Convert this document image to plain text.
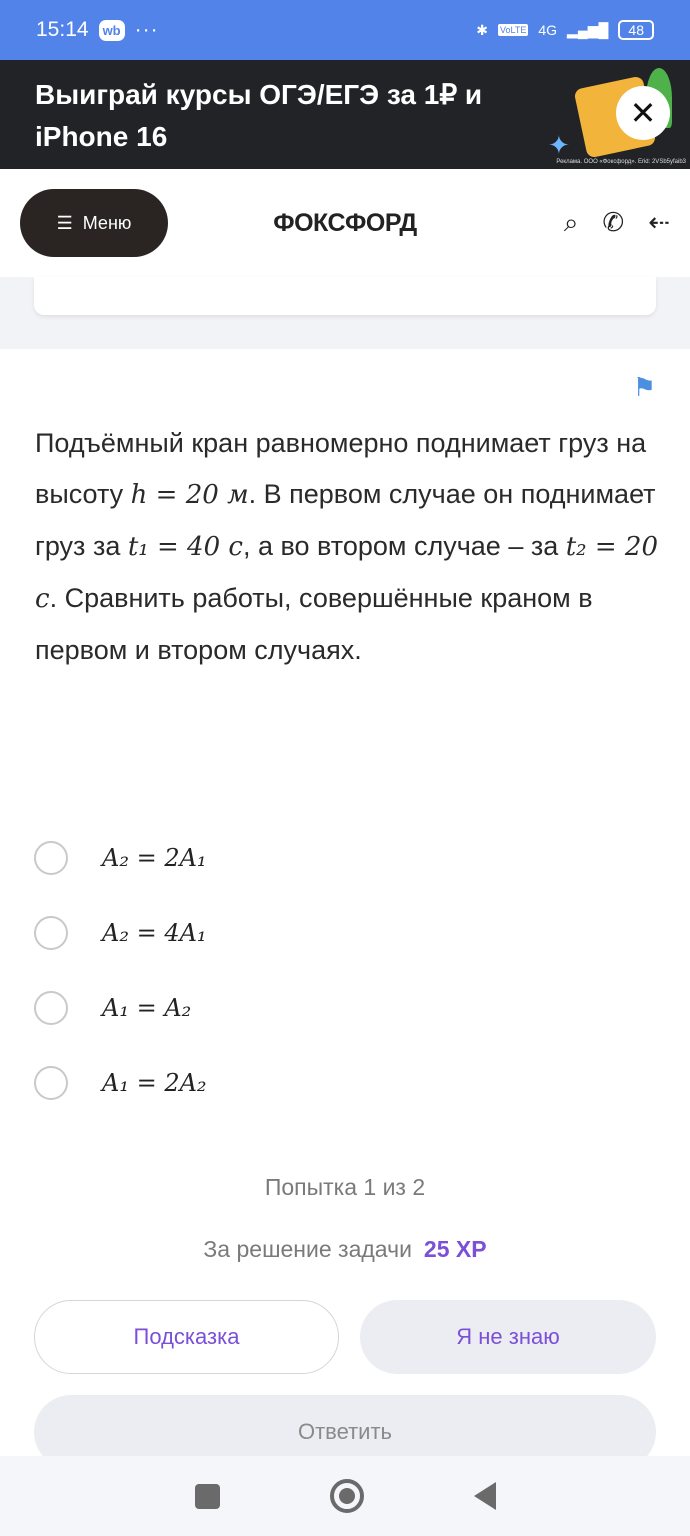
15:14	wb ···	✱ VoLTE 4G ▂▄▆█	48
Выиграй курсы ОГЭ/ЕГЭ за 1₽ и iPhone 16	✦
Реклама. ООО «Фоксфорд». Erid: 2VSb5yfaib3
✕
ФОКСФОРД
☰ Меню	⌕ ✆ ⇠
⚑
Подъёмный кран равномерно поднимает груз на высоту h = 20 м. В первом случае он поднимает груз за t₁ = 40 с, а во втором случае – за t₂ = 20 с. Сравнить работы, совершённые краном в первом и втором случаях.
A₂ = 2A₁
A₂ = 4A₁
A₁ = A₂
A₁ = 2A₂
Попытка 1 из 2
За решение задачи 25 XP
Подсказка	Я не знаю
Ответить
